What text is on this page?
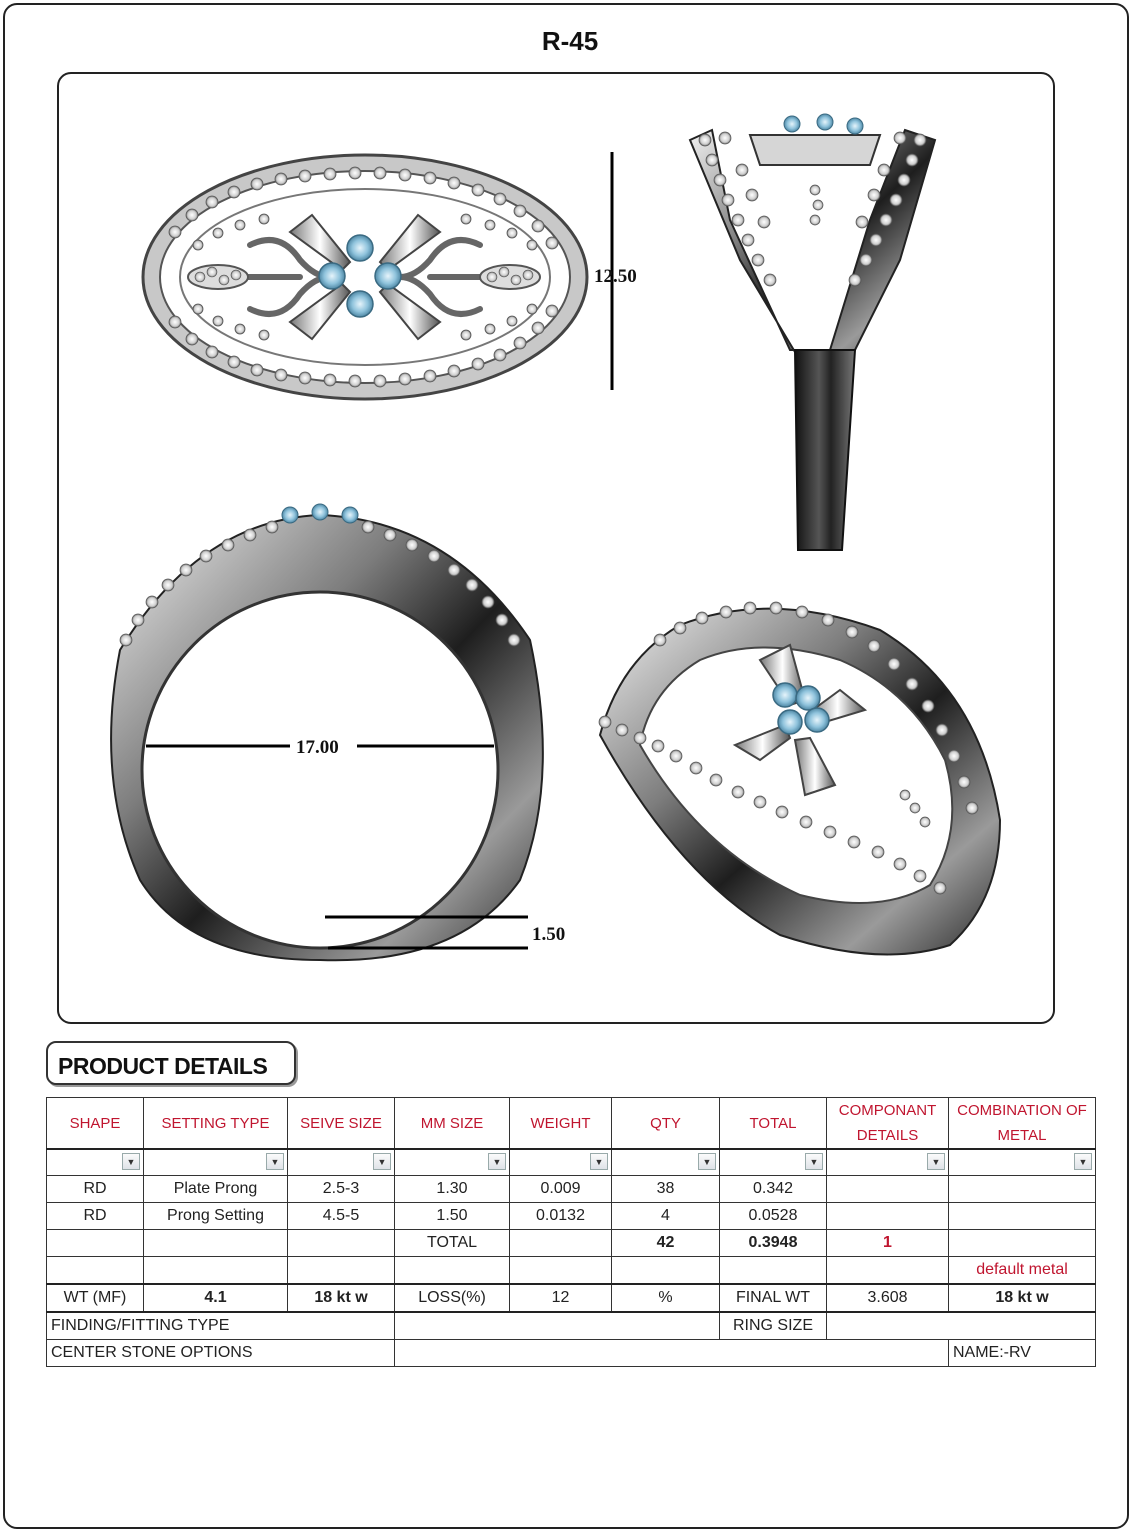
R-45
12.50
17.00
1.50
PRODUCT DETAILS
SHAPE	SETTING TYPE	SEIVE SIZE	MM SIZE	WEIGHT	QTY	TOTAL	COMPONANT DETAILS	COMBINATION OF METAL

▼	▼	▼	▼	▼	▼	▼	▼	▼

RD	Plate Prong	2.5-3	1.30	0.009	38	0.342		
RD	Prong Setting	4.5-5	1.50	0.0132	4	0.0528		
			TOTAL		42	0.3948	1	
								default metal
WT (MF)	4.1	18 kt w	LOSS(%)	12	%	FINAL WT	3.608	18 kt w
FINDING/FITTING TYPE						RING SIZE		
CENTER STONE OPTIONS								NAME:-RV
